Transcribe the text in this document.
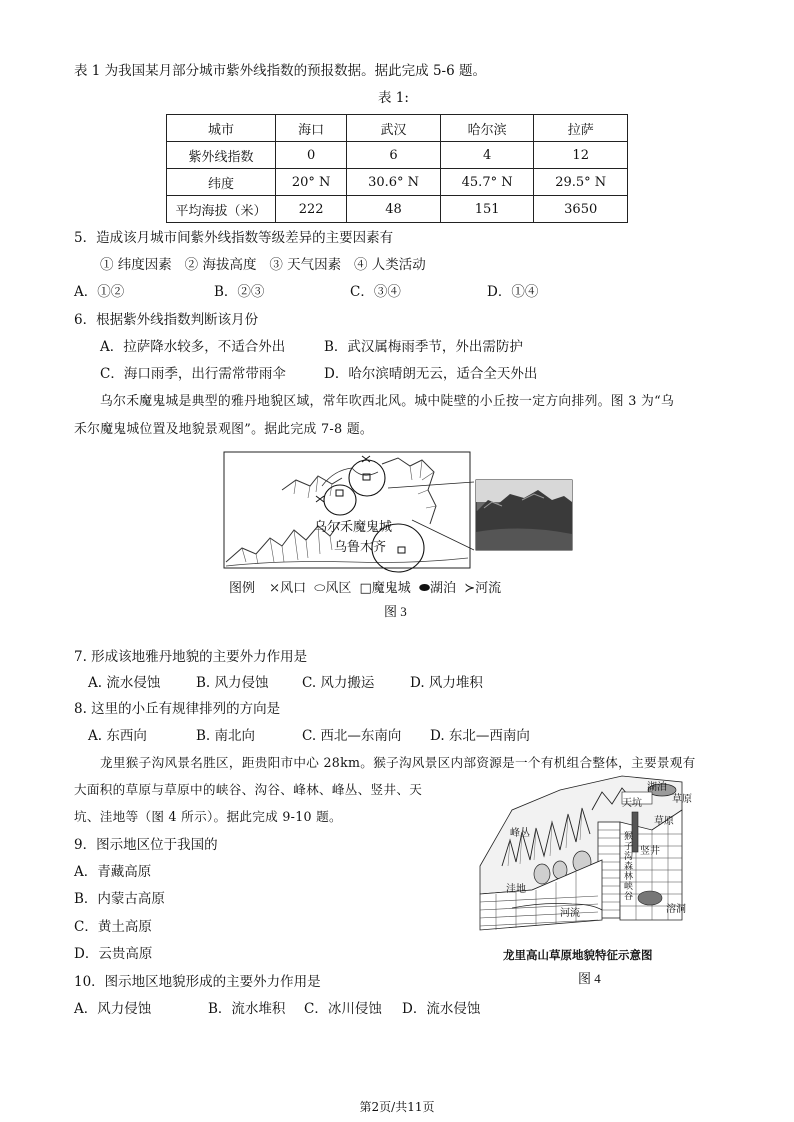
表 1 为我国某月部分城市紫外线指数的预报数据。据此完成 5-6 题。
表 1:
城市	海口	武汉	哈尔滨	拉萨
紫外线指数	0	6	4	12
纬度	20° N	30.6° N	45.7° N	29.5° N
平均海拔（米）	222	48	151	3650
5．造成该月城市间紫外线指数等级差异的主要因素有
① 纬度因素   ② 海拔高度   ③ 天气因素   ④ 人类活动
A．①②	B．②③	C．③④	D．①④
6．根据紫外线指数判断该月份
A．拉萨降水较多，不适合外出	B．武汉属梅雨季节，外出需防护
C．海口雨季，出行需常带雨伞	D．哈尔滨晴朗无云，适合全天外出
乌尔禾魔鬼城是典型的雅丹地貌区域，常年吹西北风。城中陡壁的小丘按一定方向排列。图 3 为“乌
禾尔魔鬼城位置及地貌景观图”。据此完成 7-8 题。
乌尔禾魔鬼城
乌鲁木齐
图例 ⤫风口 ⬭风区 □魔鬼城 ⬬湖泊 ≻河流
图 3
7. 形成该地雅丹地貌的主要外力作用是
A. 流水侵蚀	B. 风力侵蚀 C. 风力搬运	D. 风力堆积
8. 这里的小丘有规律排列的方向是
A. 东西向	B. 南北向	C. 西北—东南向 D. 东北—西南向
龙里猴子沟风景名胜区，距贵阳市中心 28km。猴子沟风景区内部资源是一个有机组合整体，主要景观有
大面积的草原与草原中的峡谷、沟谷、峰林、峰丛、竖井、天
坑、洼地等（图 4 所示）。据此完成 9-10 题。
9．图示地区位于我国的
A．青藏高原
B．内蒙古高原
C．黄土高原
D．云贵高原
10．图示地区地貌形成的主要外力作用是
A．风力侵蚀	B．流水堆积 C．冰川侵蚀 D．流水侵蚀
湖泊
草原
天坑
草原
竖井
峰丛	猴子沟森林峡谷
洼地
河流	溶洞
龙里高山草原地貌特征示意图
图 4
第2页/共11页
